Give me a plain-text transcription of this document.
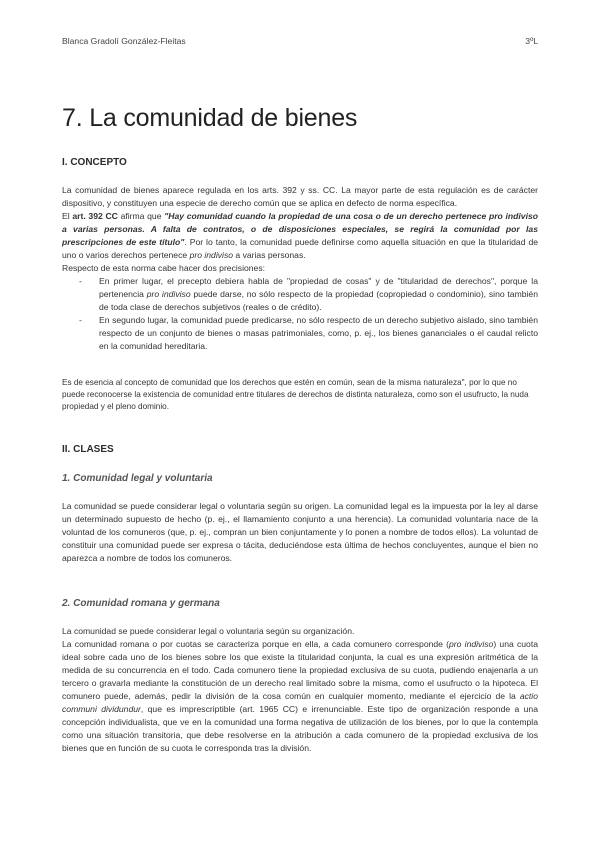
Blanca Gradolí González-Fleitas	3ºL
7. La comunidad de bienes
I. CONCEPTO

La comunidad de bienes aparece regulada en los arts. 392 y ss. CC. La mayor parte de esta regulación es de carácter dispositivo, y constituyen una especie de derecho común que se aplica en defecto de norma específica.

El art. 392 CC afirma que "Hay comunidad cuando la propiedad de una cosa o de un derecho pertenece pro indiviso a varias personas. A falta de contratos, o de disposiciones especiales, se regirá la comunidad por las prescripciones de este título". Por lo tanto, la comunidad puede definirse como aquella situación en que la titularidad de uno o varios derechos pertenece pro indiviso a varias personas.

Respecto de esta norma cabe hacer dos precisiones:

- En primer lugar, el precepto debiera habla de "propiedad de cosas" y de "titularidad de derechos", porque la pertenencia pro indiviso puede darse, no sólo respecto de la propiedad (copropiedad o condominio), sino también de toda clase de derechos subjetivos (reales o de crédito).
- En segundo lugar, la comunidad puede predicarse, no sólo respecto de un derecho subjetivo aislado, sino también respecto de un conjunto de bienes o masas patrimoniales, como, p. ej., los bienes gananciales o el caudal relicto en la comunidad hereditaria.
Es de esencia al concepto de comunidad que los derechos que estén en común, sean de la misma naturaleza", por lo que no puede reconocerse la existencia de comunidad entre titulares de derechos de distinta naturaleza, como son el usufructo, la nuda propiedad y el pleno dominio.
II. CLASES
1. Comunidad legal y voluntaria
La comunidad se puede considerar legal o voluntaria según su origen. La comunidad legal es la impuesta por la ley al darse un determinado supuesto de hecho (p. ej., el llamamiento conjunto a una herencia). La comunidad voluntaria nace de la voluntad de los comuneros (que, p. ej., compran un bien conjuntamente y lo ponen a nombre de todos ellos). La voluntad de constituir una comunidad puede ser expresa o tácita, deduciéndose esta última de hechos concluyentes, aunque el bien no aparezca a nombre de todos los comuneros.
2. Comunidad romana y germana

La comunidad se puede considerar legal o voluntaria según su organización.

La comunidad romana o por cuotas se caracteriza porque en ella, a cada comunero corresponde (pro indiviso) una cuota ideal sobre cada uno de los bienes sobre los que existe la titularidad conjunta, la cual es una expresión aritmética de la medida de su concurrencia en el todo. Cada comunero tiene la propiedad exclusiva de su cuota, pudiendo enajenarla a un tercero o gravarla mediante la constitución de un derecho real limitado sobre la misma, como el usufructo o la hipoteca. El comunero puede, además, pedir la división de la cosa común en cualquier momento, mediante el ejercicio de la actio communi dividundur, que es imprescriptible (art. 1965 CC) e irrenunciable. Este tipo de organización responde a una concepción individualista, que ve en la comunidad una forma negativa de utilización de los bienes, por lo que la contempla como una situación transitoria, que debe resolverse en la atribución a cada comunero de la propiedad exclusiva de los bienes que en función de su cuota le corresponda tras la división.
